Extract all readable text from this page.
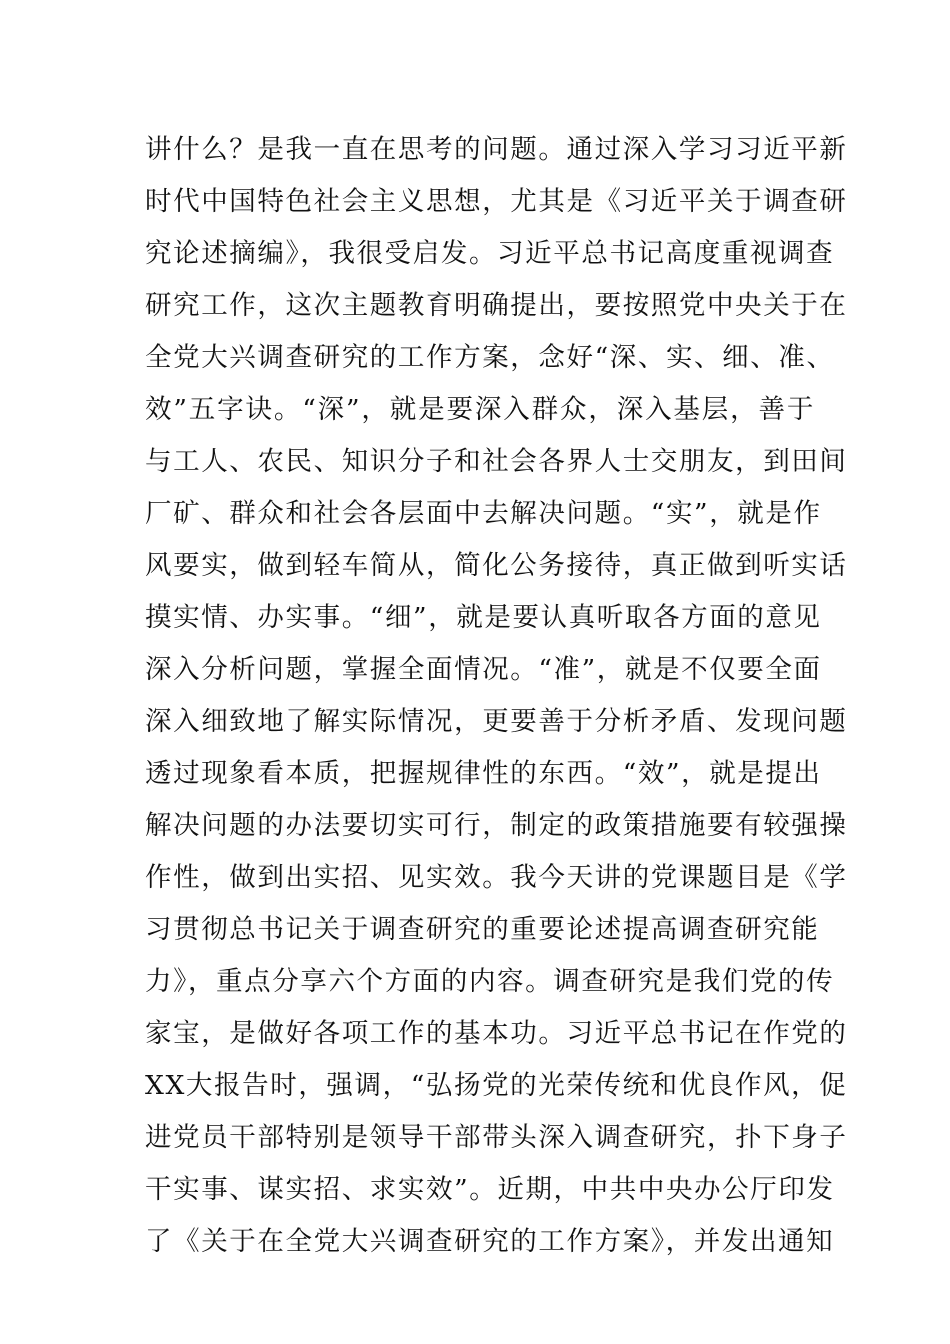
讲什么？是我一直在思考的问题。通过深入学习习近平新
时代中国特色社会主义思想，尤其是《习近平关于调查研
究论述摘编》，我很受启发。习近平总书记高度重视调查
研究工作，这次主题教育明确提出，要按照党中央关于在
全党大兴调查研究的工作方案，念好“深、实、细、准、
效”五字诀。“深”，就是要深入群众，深入基层，善于
与工人、农民、知识分子和社会各界人士交朋友，到田间
厂矿、群众和社会各层面中去解决问题。“实”，就是作
风要实，做到轻车简从，简化公务接待，真正做到听实话
摸实情、办实事。“细”，就是要认真听取各方面的意见
深入分析问题，掌握全面情况。“准”，就是不仅要全面
深入细致地了解实际情况，更要善于分析矛盾、发现问题
透过现象看本质，把握规律性的东西。“效”，就是提出
解决问题的办法要切实可行，制定的政策措施要有较强操
作性，做到出实招、见实效。我今天讲的党课题目是《学
习贯彻总书记关于调查研究的重要论述提高调查研究能
力》，重点分享六个方面的内容。调查研究是我们党的传
家宝，是做好各项工作的基本功。习近平总书记在作党的
XX大报告时，强调，“弘扬党的光荣传统和优良作风，促
进党员干部特别是领导干部带头深入调查研究，扑下身子
干实事、谋实招、求实效”。近期，中共中央办公厅印发
了《关于在全党大兴调查研究的工作方案》，并发出通知
